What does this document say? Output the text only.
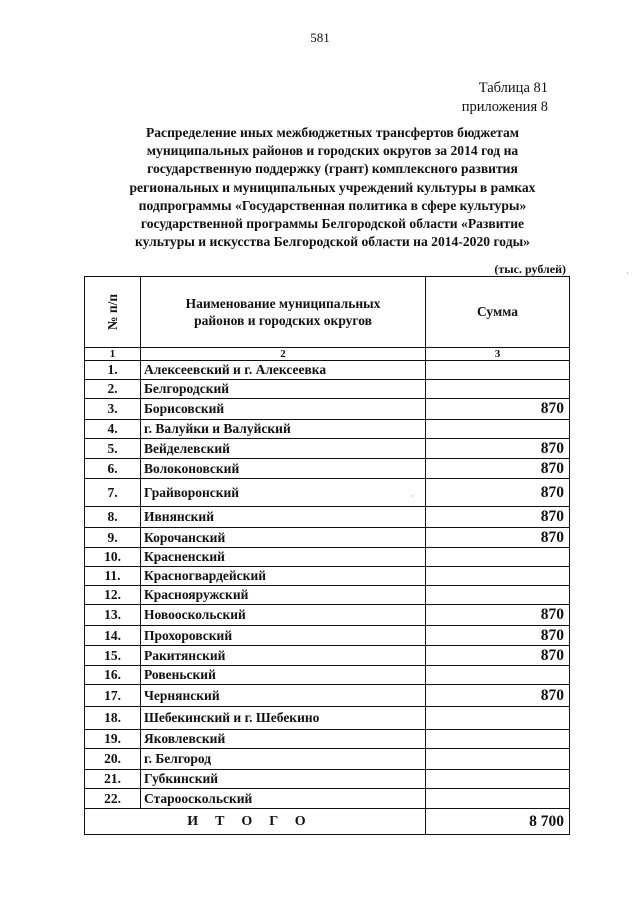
581
Таблица 81
приложения 8
Распределение иных межбюджетных трансфертов бюджетам
муниципальных районов и городских округов за 2014 год на
государственную поддержку (грант) комплексного развития
региональных и муниципальных учреждений культуры в рамках
подпрограммы «Государственная политика в сфере культуры»
государственной программы Белгородской области «Развитие
культуры и искусства Белгородской области на 2014-2020 годы»
(тыс. рублей)	·
·
№ п/п	Наименование муниципальных
районов и городских округов	Сумма
1	2	3
1.	Алексеевский и г. Алексеевка	
2.	Белгородский	
3.	Борисовский	870
4.	г. Валуйки и Валуйский	
5.	Вейделевский	870
6.	Волоконовский	870
7.	Грайворонский	870
8.	Ивнянский	870
9.	Корочанский	870
10.	Красненский	
11.	Красногвардейский	
12.	Краснояружский	
13.	Новооскольский	870
14.	Прохоровский	870
15.	Ракитянский	870
16.	Ровеньский	
17.	Чернянский	870
18.	Шебекинский и г. Шебекино	
19.	Яковлевский	
20.	г. Белгород	
21.	Губкинский	
22.	Старооскольский	
ИТОГО		8 700
